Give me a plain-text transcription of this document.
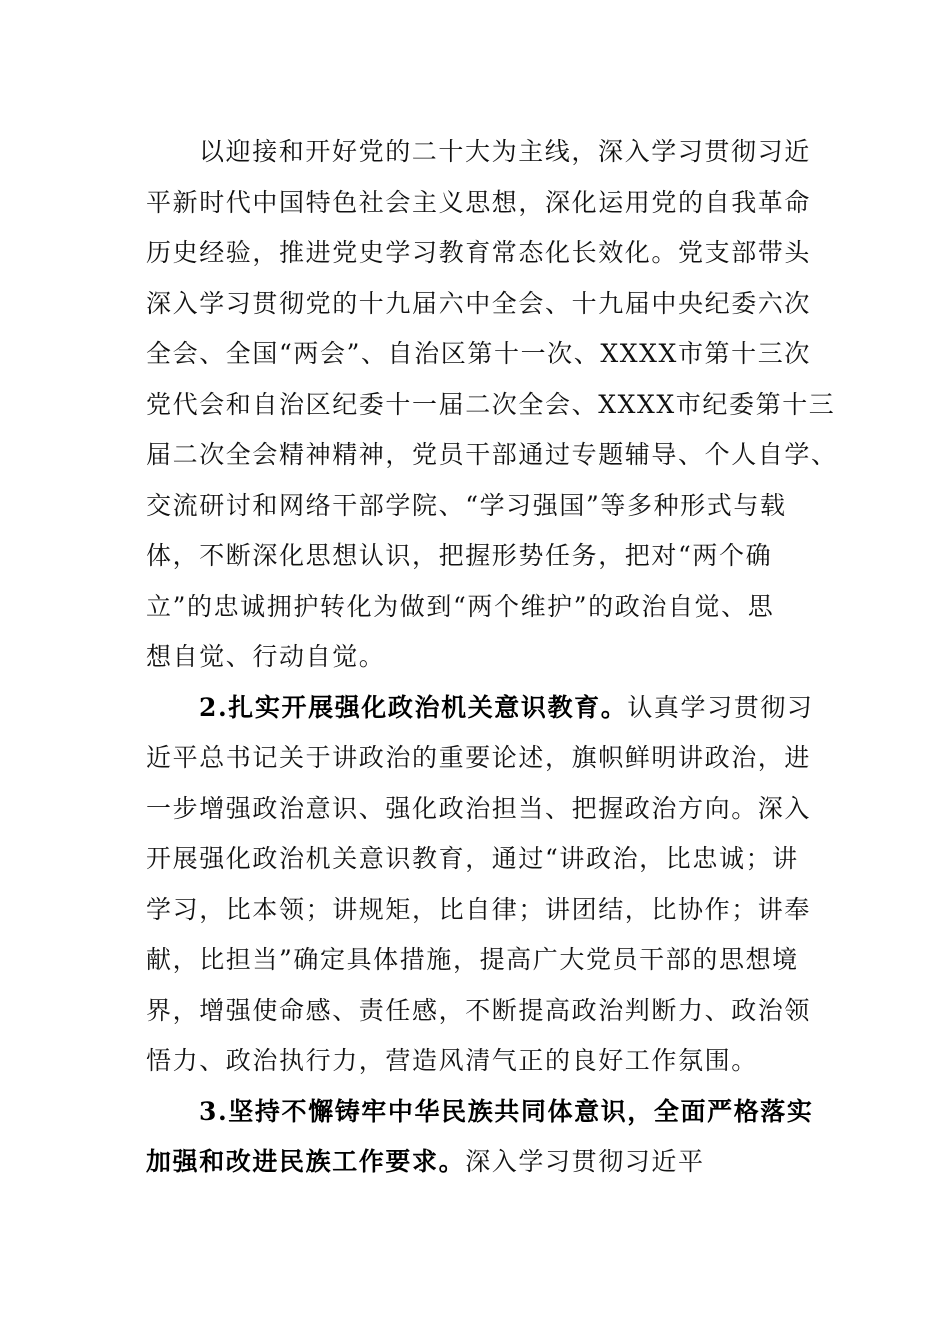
以迎接和开好党的二十大为主线，深入学习贯彻习近
平新时代中国特色社会主义思想，深化运用党的自我革命
历史经验，推进党史学习教育常态化长效化。党支部带头
深入学习贯彻党的十九届六中全会、十九届中央纪委六次
全会、全国“两会”、自治区第十一次、XXXX市第十三次
党代会和自治区纪委十一届二次全会、XXXX市纪委第十三
届二次全会精神精神，党员干部通过专题辅导、个人自学、
交流研讨和网络干部学院、“学习强国”等多种形式与载
体，不断深化思想认识，把握形势任务，把对“两个确
立”的忠诚拥护转化为做到“两个维护”的政治自觉、思
想自觉、行动自觉。
2.扎实开展强化政治机关意识教育。认真学习贯彻习
近平总书记关于讲政治的重要论述，旗帜鲜明讲政治，进
一步增强政治意识、强化政治担当、把握政治方向。深入
开展强化政治机关意识教育，通过“讲政治，比忠诚；讲
学习，比本领；讲规矩，比自律；讲团结，比协作；讲奉
献，比担当”确定具体措施，提高广大党员干部的思想境
界，增强使命感、责任感，不断提高政治判断力、政治领
悟力、政治执行力，营造风清气正的良好工作氛围。
3.坚持不懈铸牢中华民族共同体意识，全面严格落实
加强和改进民族工作要求。深入学习贯彻习近平
